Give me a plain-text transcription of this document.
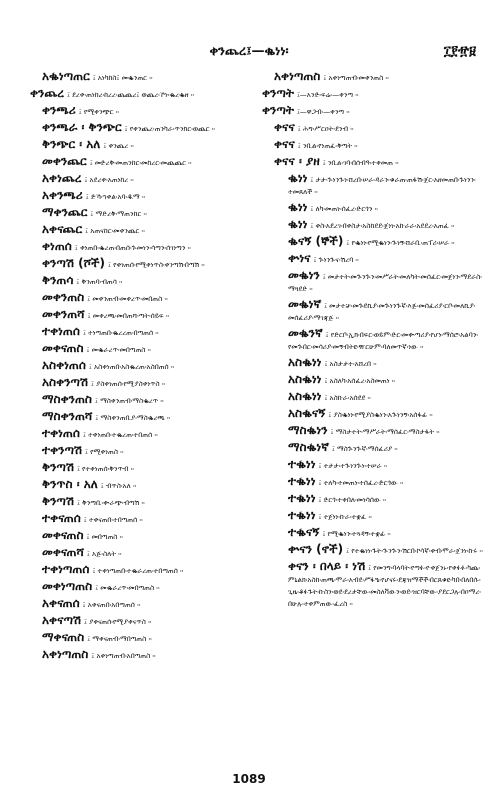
ቀንጨረ፤—ቈነነ፡	፲፻፹፱
አቈነጣጠር ፤ አነካከስ፤ መቈንጠር ፡፡
ቀንጨረ ፤ ደረቀ፡ጠነከረ፡ከረረ፡ጨጨረ፤ ወጨረ፡ኾነ፡ቈረቈዘ ፡፡
ቀንጫሪ ፤ የሚቀንጭር ፡፡
ቀንጫራ ፡ ቅንጭር ፤ የቀንጨረ፡ጠንካራ፡ጥንክር፡ወጨር ፡፡
ቅንጭር ፡ አለ ፤ ቀንጨረ ፡፡
መቀንጨር ፤ መድረቅ፡መጠንከር፡መከረር፡መጨጨር ፡፡
አቀነጨረ ፤ አደረቀ፡አጠነከረ ፡፡
አቀንጫሪ ፤ ድኻ፡ኀቀል፡አባ፡ዱማ ፡፡
ማቀንጨር ፤ ማድረቅ፡ማጠንከር ፡፡
አቀናጨር ፤ አጠናከር፡መቀንጨር ፡፡
ቀነጠሰ ፤ ቀነጠበ፡ቈረጠ፡በጠሰ፡ጕመነን፡ሳጣን፡ሰገነጣን ፡፡
ቀንጣሽ (ሾች) ፤ የቀነጠሰ፡የሚቀነጥስ፡ቀንጣሽ፡በጣሽ ፡፡
ቅንጠሳ ፤ ቅንጠባ፡ብጠሳ ፡፡
መቀንጠስ ፤ መቀንጠብ፡መቀረጥ፡መበጠስ ፡፡
መቀንጠሻ ፤ መቀረጫ፡መበጠሻ፡ጣት፡ሰይፍ ፡፡
ተቀነጠሰ ፤ ተነጣጠበ፡ቈረረጠ፡በጣጠሰ ፡፡
መቀናጠስ ፤ መቈራረጥ፡መበጣጠስ ፡፡
አስቀነጠሰ ፤ አስቀነጠበ፡አስቈረጠ፡አስበጠሰ ፡፡
አስቀንጣሽ ፤ ያስቀነጠሰ፡የሚያስቀነጥስ ፡፡
ማስቀንጠስ ፤ ማስቀንጠብ፡ማስቈረጥ ፡፡
ማስቀንጠሻ ፤ ማስቀንጠቢያ፡ማስቈረጫ ፡፡
ተቀነጠሰ ፤ ተቀነጠበ፡ተቈረጠ፡ተበጠሰ ፡፡
ተቀንጣሽ ፤ የሚቀነጠስ ፡፡
ቅንጣሽ ፤ የተቀነጠሰ፡ቅንጥብ ፡፡
ቅንጥስ ፡ አለ ፤ ብጥስ፡አለ ፡፡
ቅንጣሽ ፤ ቅንጣቢ፡ቍራጭ፡ብጣሽ ፡፡
ተቀናጠሰ ፤ ተቀናጠበ፡ተበጣጠሰ ፡፡
መቀናጠስ ፤ መበጣጠስ ፡፡
መቀናጠሻ ፤ አጅ፡ስለት ፡፡
ተቀነጣጠሰ ፤ ተቀነጣጠበ፡ተቈራረጠ፡ተበጣጠሰ ፡፡
መቀነጣጠስ ፤ መቈራረጥ፡መበጣጠስ ፡፡
አቀናጠሰ ፤ አቀናጠበ፡አበጣጠሰ ፡፡
አቀናጣሽ ፤ ያቀናጠሰ፡የሚያቀናጥስ ፡፡
ማቀናጠስ ፤ ማቀናጠብ፡ማበጣጠስ ፡፡
አቀነጣጠስ ፤ አቀነጣጠብ፡አበጣጠስ ፡፡
አቀነጣጠስ ፤ አቀነጣጠብ፡መቀንጠስ ፡፡
ቀንጣት ፤—አንድ፡ፍሬ፡—ቀንጣ ፡፡
ቀንጣት ፤—ዋጋብ፡—ቀንጣ ፡፡
ቀናና ፤ ሕግ፡ሥርዐት፡ደንብ ፡፡
ቀናና ፤ ንቢል፡የነጠፈ፡ቅጣት ፡፡
ቀናና ፡ ያዘ ፤ ንቢል፡ገባ፡በሰብዓ፡ተቀመጠ ፡፡
ቈነነ ፤ ታታ፡ጕነንጕነ፡ሸረበ፡ሠራ፡ዳራን፡ቁራጠ፡ጠፋሽ፡ጀር፡አዘመጠበ፡ጉነንን፡ተመጸለች ፡፡
ቈነነ ፤ ለካ፡መጠነ፡ሰፈረ፡ድርጎን ፡፡
ቈነነ ፤ ቀስ፡አደረገ፡በቀስታ፡አስከደደ፡ጀነነ፡አኩራራ፡አደደረ፡አጠፈ ፡፡
ቈናኝ (ኞች) ፤ የቈነነ፡የሚቈነን፡ጕነኝ፡ሸራቢ፡ጠፐሪ፡ሠራ ፡፡
ቍነና ፤ ጕነንጕና፡ሽረባ ፡፡
መቈነን ፤ መታተት፡መጕንጕን፡መሥራት፡መለካት፡መሰፈር፡መጀነን፡ማደራስ፡ማጓደድ ፡፡
መቈነኛ ፤ መታተቻ፡መጕደኪያ፡መጕነንጕኛ፡እጅ፡መሰፈሪያ፡ርቦ፡መለኪያ፡መሰፈሪያ፡ማገጃጅ ፡፡
መቈንኛ ፤ የድርቦ፡ኢክ፡በፍር፡ወይም፡ድር፡መቍጣሪያ፡የሆነ፡ማሰሮ፡አልባን፡የመጕበር፡መሳሪያ፡መኝብትዩ፡ዥርሁም፡ባለመጥኛ፡ነው ፡፡
አስቈነነ ፤ አስታታተ፡አሸረበ ፡፡
አስቈነነ ፤ አስለካ፡አሰፈረ፡አስመጠነ ፡፡
አስቈነነ ፤ አስኩራ፡አሰደደ ፡፡
አስቈናኝ ፤ ያስቈነነ፡የሚያስቈነን፡አጕነንኝ፡አሰፋፊ ፡፡
ማስቈነን ፤ ማስታተት፡ማሥራት፡ማሰፈር፡ማስታፋት ፡፡
ማስቈነኛ ፤ ማስጕንጕኛ፡ማሰፈሪያ ፡፡
ተቈነነ ፤ ተታታ፡ተጕነንጕነ፡ተሠራ ፡፡
ተቈነነ ፤ ተለካ፡ተመጠነ፡ተሰፈረ፡ድርጎው ፡፡
ተቈነነ ፤ ድርጎ፡ተቀበለ፡መነሳሰው ፡፡
ተቈነነ ፤ ተጀነነ፡ኩራ፡ተቋፈ ፡፡
ተቈናኝ ፤ የሚቈነን፡ተጓዳኝ፡ተቋፊ ፡፡
ቍናን (ኖች) ፤ የተቈነነ፡ጉት፡ጕንጕን፡ሽርበ፡ኮሳኛ፡ቀብ፡ሞራ፡ጀንነ፡ኩሩ ፡፡
ቀናን ፡ በላይ ፡ ነሽ ፤ የመንግ፡ባላባት፡የጣፉ፡ዮቀጀንኑ፡የቀፉፉ፡ካጨ፡ምኒልክ፡አስከ፡ጠጫ፡ሞራ፡አብደ፡ሥፋዔ፡የሆናሩ፡ደጃዝማችች፡በርጸቁዩ፡ካበ፡በለበሱ፡ጊዜ፡ቆፉጉት፡ኩስን፡ወደ፡ደረታቸው፡መስለቫውን፡ወደ፡ዝርባቸው፡ያደርጋሉ፡በዐማረ፡በሁሉ፡ተቀምጠው፡ፈረስ ፡፡
1089
